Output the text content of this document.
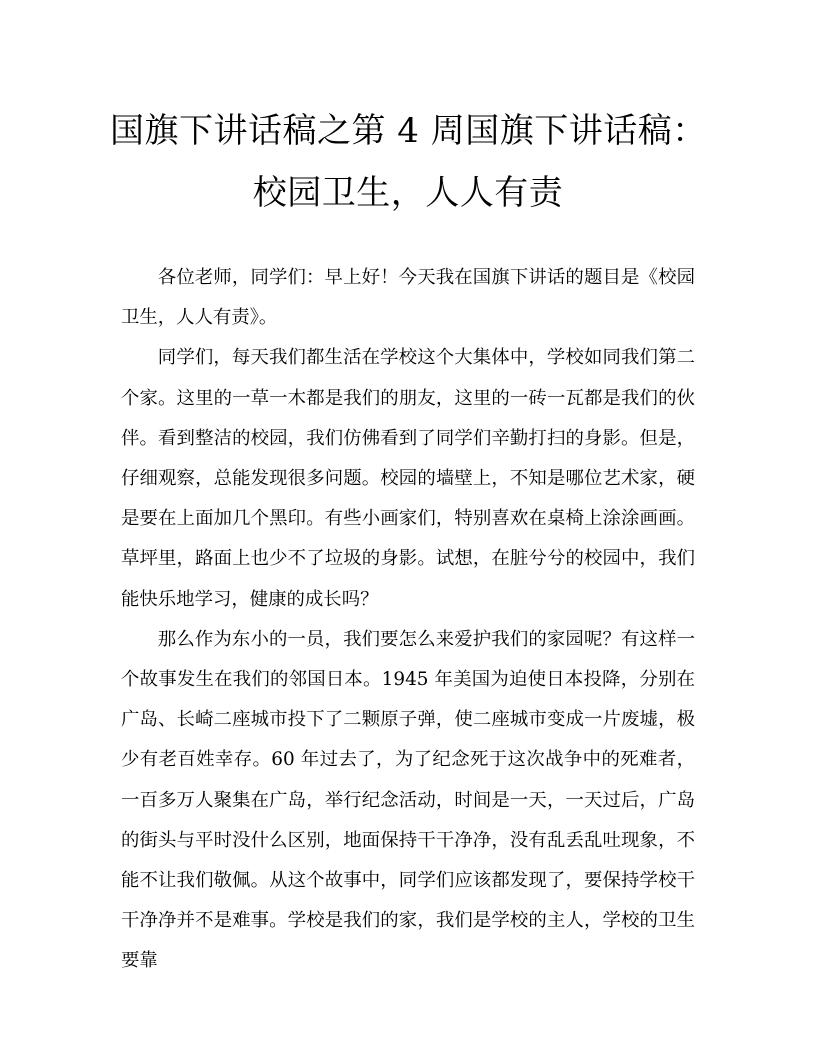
国旗下讲话稿之第 4 周国旗下讲话稿：
校园卫生，人人有责

各位老师，同学们：早上好！今天我在国旗下讲话的题目是《校园卫生，人人有责》。

同学们，每天我们都生活在学校这个大集体中，学校如同我们第二个家。这里的一草一木都是我们的朋友，这里的一砖一瓦都是我们的伙伴。看到整洁的校园，我们仿佛看到了同学们辛勤打扫的身影。但是，仔细观察，总能发现很多问题。校园的墙壁上，不知是哪位艺术家，硬是要在上面加几个黑印。有些小画家们，特别喜欢在桌椅上涂涂画画。草坪里，路面上也少不了垃圾的身影。试想，在脏兮兮的校园中，我们能快乐地学习，健康的成长吗？

那么作为东小的一员，我们要怎么来爱护我们的家园呢？有这样一个故事发生在我们的邻国日本。1945 年美国为迫使日本投降，分别在广岛、长崎二座城市投下了二颗原子弹，使二座城市变成一片废墟，极少有老百姓幸存。60 年过去了，为了纪念死于这次战争中的死难者，一百多万人聚集在广岛，举行纪念活动，时间是一天，一天过后，广岛的街头与平时没什么区别，地面保持干干净净，没有乱丢乱吐现象，不能不让我们敬佩。从这个故事中，同学们应该都发现了，要保持学校干干净净并不是难事。学校是我们的家，我们是学校的主人，学校的卫生要靠
